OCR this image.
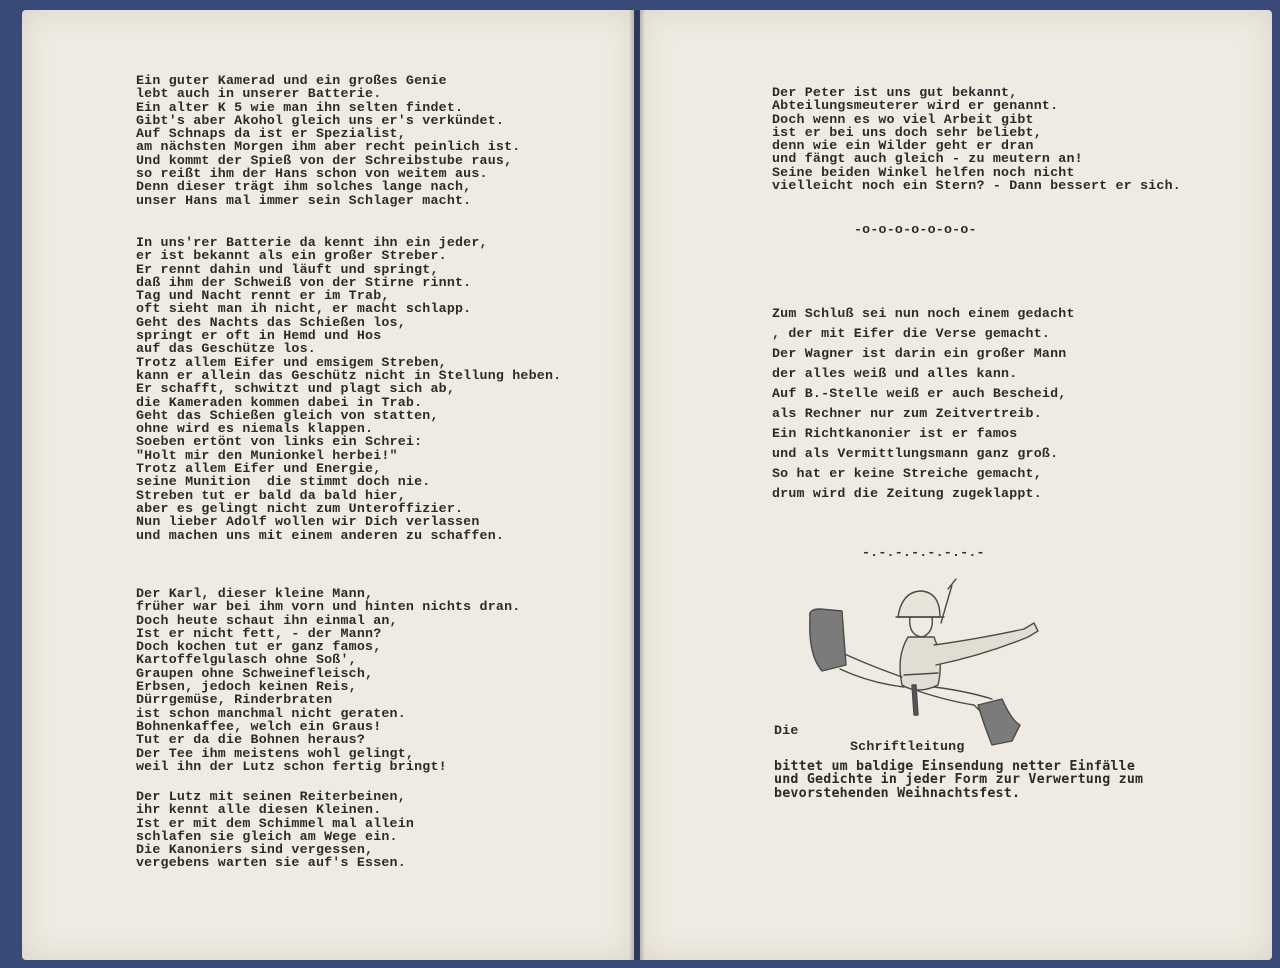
Ein guter Kamerad und ein großes Genie
lebt auch in unserer Batterie.
Ein alter K 5 wie man ihn selten findet.
Gibt's aber Akohol gleich uns er's verkündet.
Auf Schnaps da ist er Spezialist,
am nächsten Morgen ihm aber recht peinlich ist.
Und kommt der Spieß von der Schreibstube raus,
so reißt ihm der Hans schon von weitem aus.
Denn dieser trägt ihm solches lange nach,
unser Hans mal immer sein Schlager macht.
In uns'rer Batterie da kennt ihn ein jeder,
er ist bekannt als ein großer Streber.
Er rennt dahin und läuft und springt,
daß ihm der Schweiß von der Stirne rinnt.
Tag und Nacht rennt er im Trab,
oft sieht man ih nicht, er macht schlapp.
Geht des Nachts das Schießen los,
springt er oft in Hemd und Hos
auf das Geschütze los.
Trotz allem Eifer und emsigem Streben,
kann er allein das Geschütz nicht in Stellung heben.
Er schafft, schwitzt und plagt sich ab,
die Kameraden kommen dabei in Trab.
Geht das Schießen gleich von statten,
ohne wird es niemals klappen.
Soeben ertönt von links ein Schrei:
"Holt mir den Munionkel herbei!"
Trotz allem Eifer und Energie,
seine Munition  die stimmt doch nie.
Streben tut er bald da bald hier,
aber es gelingt nicht zum Unteroffizier.
Nun lieber Adolf wollen wir Dich verlassen
und machen uns mit einem anderen zu schaffen.
Der Karl, dieser kleine Mann,
früher war bei ihm vorn und hinten nichts dran.
Doch heute schaut ihn einmal an,
Ist er nicht fett, - der Mann?
Doch kochen tut er ganz famos,
Kartoffelgulasch ohne Soß',
Graupen ohne Schweinefleisch,
Erbsen, jedoch keinen Reis,
Dürrgemüse, Rinderbraten
ist schon manchmal nicht geraten.
Bohnenkaffee, welch ein Graus!
Tut er da die Bohnen heraus?
Der Tee ihm meistens wohl gelingt,
weil ihn der Lutz schon fertig bringt!
Der Lutz mit seinen Reiterbeinen,
ihr kennt alle diesen Kleinen.
Ist er mit dem Schimmel mal allein
schlafen sie gleich am Wege ein.
Die Kanoniers sind vergessen,
vergebens warten sie auf's Essen.
Der Peter ist uns gut bekannt,
Abteilungsmeuterer wird er genannt.
Doch wenn es wo viel Arbeit gibt
ist er bei uns doch sehr beliebt,
denn wie ein Wilder geht er dran
und fängt auch gleich - zu meutern an!
Seine beiden Winkel helfen noch nicht
vielleicht noch ein Stern? - Dann bessert er sich.
-o-o-o-o-o-o-o-
Zum Schluß sei nun noch einem gedacht
, der mit Eifer die Verse gemacht.
Der Wagner ist darin ein großer Mann
der alles weiß und alles kann.
Auf B.-Stelle weiß er auch Bescheid,
als Rechner nur zum Zeitvertreib.
Ein Richtkanonier ist er famos
und als Vermittlungsmann ganz groß.
So hat er keine Streiche gemacht,
drum wird die Zeitung zugeklappt.
-.-.-.-.-.-.-.-
Die
Schriftleitung
bittet um baldige Einsendung netter Einfälle
und Gedichte in jeder Form zur Verwertung zum
bevorstehenden Weihnachtsfest.
